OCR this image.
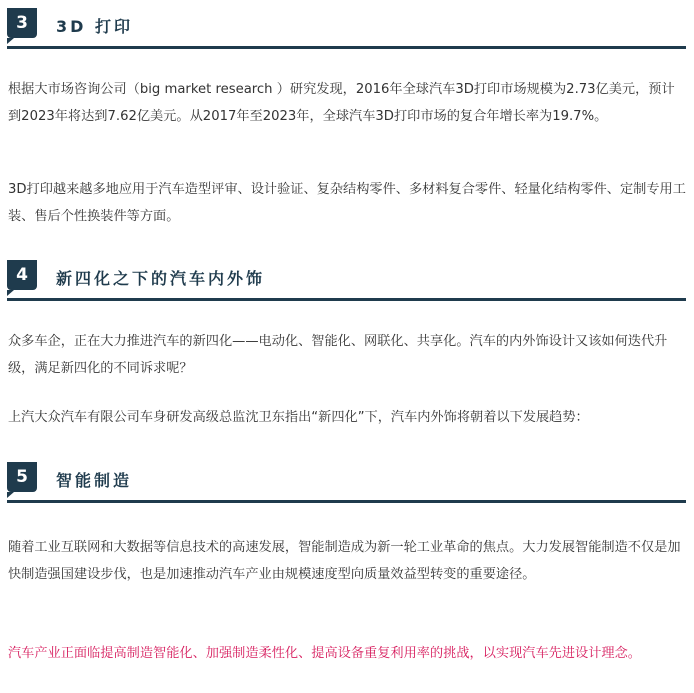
3	3D 打印

根据大市场咨询公司（big market research ）研究发现，2016年全球汽车3D打印市场规模为2.73亿美元，预计到2023年将达到7.62亿美元。从2017年至2023年，全球汽车3D打印市场的复合年增长率为19.7%。

3D打印越来越多地应用于汽车造型评审、设计验证、复杂结构零件、多材料复合零件、轻量化结构零件、定制专用工装、售后个性换装件等方面。

4	新四化之下的汽车内外饰

众多车企，正在大力推进汽车的新四化——电动化、智能化、网联化、共享化。汽车的内外饰设计又该如何迭代升级，满足新四化的不同诉求呢？

上汽大众汽车有限公司车身研发高级总监沈卫东指出“新四化”下，汽车内外饰将朝着以下发展趋势：

5	智能制造

随着工业互联网和大数据等信息技术的高速发展，智能制造成为新一轮工业革命的焦点。大力发展智能制造不仅是加快制造强国建设步伐，也是加速推动汽车产业由规模速度型向质量效益型转变的重要途径。

汽车产业正面临提高制造智能化、加强制造柔性化、提高设备重复利用率的挑战，以实现汽车先进设计理念。
